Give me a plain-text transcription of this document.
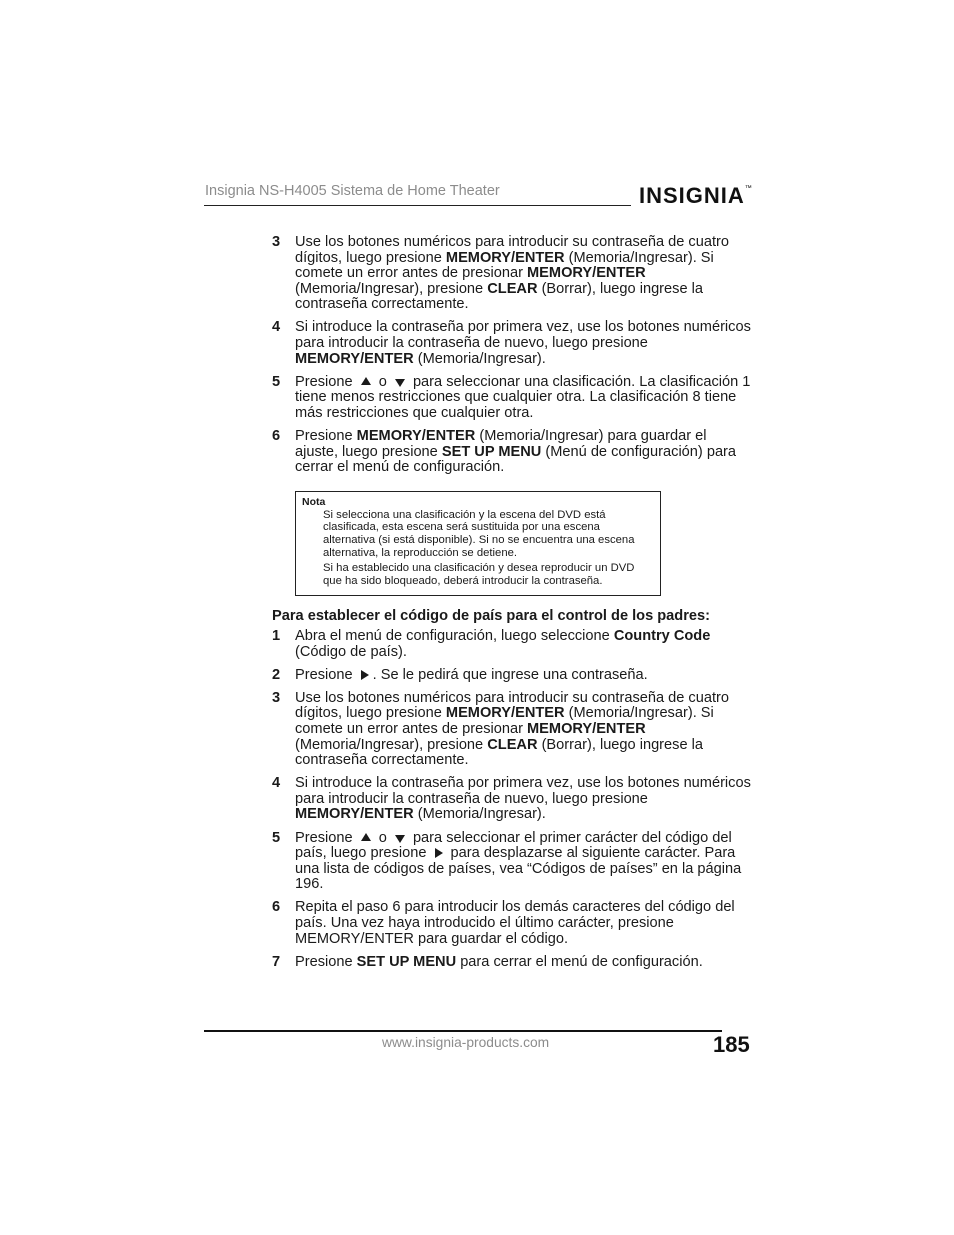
Insignia NS-H4005 Sistema de Home Theater	INSIGNIA™
3 Use los botones numéricos para introducir su contraseña de cuatro dígitos, luego presione MEMORY/ENTER (Memoria/Ingresar). Si comete un error antes de presionar MEMORY/ENTER (Memoria/Ingresar), presione CLEAR (Borrar), luego ingrese la contraseña correctamente.
4 Si introduce la contraseña por primera vez, use los botones numéricos para introducir la contraseña de nuevo, luego presione MEMORY/ENTER (Memoria/Ingresar).
5 Presione  o  para seleccionar una clasificación. La clasificación 1 tiene menos restricciones que cualquier otra. La clasificación 8 tiene más restricciones que cualquier otra.
6 Presione MEMORY/ENTER (Memoria/Ingresar) para guardar el ajuste, luego presione SET UP MENU (Menú de configuración) para cerrar el menú de configuración.
Nota
Si selecciona una clasificación y la escena del DVD está clasificada, esta escena será sustituida por una escena alternativa (si está disponible). Si no se encuentra una escena alternativa, la reproducción se detiene.
Si ha establecido una clasificación y desea reproducir un DVD que ha sido bloqueado, deberá introducir la contraseña.
Para establecer el código de país para el control de los padres:
1 Abra el menú de configuración, luego seleccione Country Code (Código de país).
2 Presione . Se le pedirá que ingrese una contraseña.
3 Use los botones numéricos para introducir su contraseña de cuatro dígitos, luego presione MEMORY/ENTER (Memoria/Ingresar). Si comete un error antes de presionar MEMORY/ENTER (Memoria/Ingresar), presione CLEAR (Borrar), luego ingrese la contraseña correctamente.
4 Si introduce la contraseña por primera vez, use los botones numéricos para introducir la contraseña de nuevo, luego presione MEMORY/ENTER (Memoria/Ingresar).
5 Presione  o  para seleccionar el primer carácter del código del país, luego presione  para desplazarse al siguiente carácter. Para una lista de códigos de países, vea “Códigos de países” en la página 196.
6 Repita el paso 6 para introducir los demás caracteres del código del país. Una vez haya introducido el último carácter, presione MEMORY/ENTER para guardar el código.
7 Presione SET UP MENU para cerrar el menú de configuración.
www.insignia-products.com	185
